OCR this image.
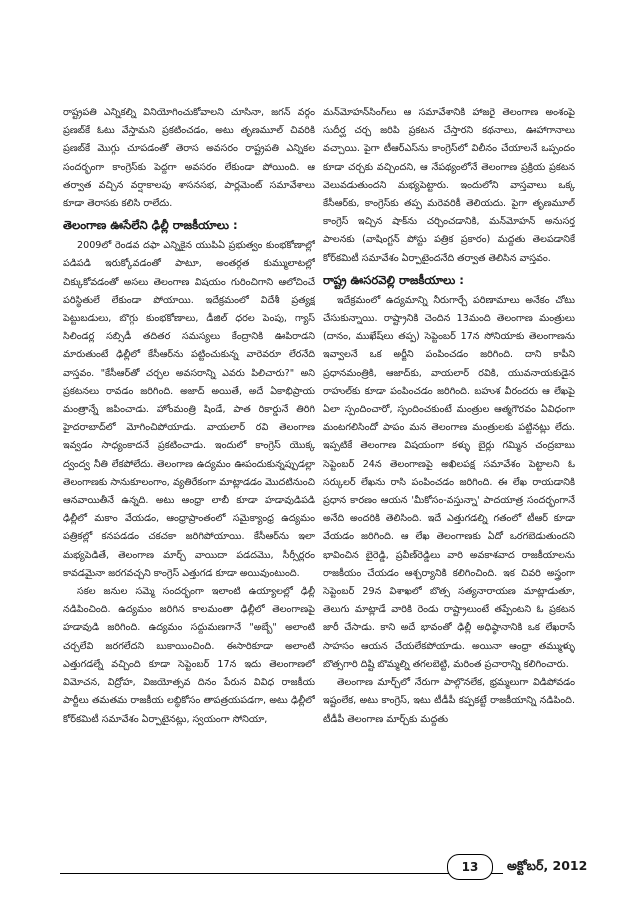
రాష్ట్రపతి ఎన్నికల్ని వినియోగించుకోవాలని చూసినా, జగన్ వర్గం ప్రణబ్‌కే ఓటు వేస్తామని ప్రకటించడం, అటు తృణమూల్ చివరికి ప్రణబ్‌కే మొగ్గు చూపడంతో తెరాస అవసరం రాష్ట్రపతి ఎన్నికల సందర్భంగా కాంగ్రెస్‌కు పెద్దగా అవసరం లేకుండా పోయింది. ఆ తర్వాత వచ్చిన వర్షాకాలపు శాసనసభ, పార్లమెంట్ సమావేశాలు కూడా తెరాసకు కలిసి రాలేదు.

తెలంగాణ ఊసేలేని ఢిల్లీ రాజకీయాలు :

2009లో రెండవ దఫా ఎన్నికైన యుపిఏ ప్రభుత్వం కుంభకోణాల్లో పడిపడి ఇరుక్కోవడంతో పాటూ, అంతర్గత కుమ్ములాటల్లో చిక్కుకోవడంతో అసలు తెలంగాణ విషయం గురించిగాని ఆలోచించే పరిస్థితులే లేకుండా పోయాయి. ఇదేక్రమంలో విదేశీ ప్రత్యక్ష పెట్టుబడులు, బొగ్గు కుంభకోణాలు, డీజిల్ ధరల పెంపు, గ్యాస్ సిలిండర్ల సబ్సిడీ తదితర సమస్యలు కేంద్రానికి ఊపిరాడని మారుతుంటే ఢిల్లీలో కేసీఆర్‌ను పట్టించుకున్న వారెవరూ లేరనేది వాస్తవం. "కేసీఆర్‌తో చర్చల అవసరాన్ని ఎవరు పిలిచారు?" అని ప్రకటనలు రావడం జరిగింది. అజాద్ అయితే, అదే ఏకాభిప్రాయ మంత్రాన్నే జపించాడు. హోంమంత్రి షిండే, పాత రికార్డునే తిరిగి హైదరాబాద్‌లో మోగించిపోయాడు. వాయలార్ రవి తెలంగాణ ఇవ్వడం సాధ్యంకాదనే ప్రకటించాడు. ఇందులో కాంగ్రెస్ యొక్క ద్వంద్వ నీతి లేకపోలేదు. తెలంగాణ ఉద్యమం ఊపందుకున్నప్పుడల్లా తెలంగాణకు సానుకూలంగాం, వ్యతిరేకంగా మాట్లాడడం మొదటినుంచి ఆనవాయితీనే ఉన్నది. అటు ఆంధ్రా లాబీ కూడా హడావుడిపడి ఢిల్లీలో మకాం వేయడం, ఆంధ్రాప్రాంతంలో సమైక్యాంధ్ర ఉద్యమం పత్రికల్లో కనపడడం చకచకా జరిగిపోయాయి. కేసీఆర్‌ను ఇలా మభ్యపెడితే, తెలంగాణ మార్చ్ వాయిదా పడదమొ, సీర్సీర్లరం కావడమైనా జరగవచ్చని కాంగ్రెస్ ఎత్తుగడ కూడా అయివుంటుంది.

సకల జనుల సమ్మె సందర్భంగా ఇలాంటి ఉయ్యాలల్లో ఢిల్లీ నడిపించింది. ఉద్యమం జరిగిన కాలమంతా ఢిల్లీలో తెలంగాణపై హడావుడి జరిగింది. ఉద్యమం సద్దుమణగానే "అబ్బే" అలాంటి చర్చలేవి జరగలేదని బుకాయించింది. ఈసారికూడా అలాంటి ఎత్తుగడల్నే వచ్చింది కూడా సెప్టెంబర్ 17న ఇదు తెలంగాణలో విమోచన, విద్రోహ, విజయోత్సవ దినం పేరున వివిధ రాజకీయ పార్టీలు తమతమ రాజకీయ లబ్ధికోసం తాపత్రయపడగా, అటు ఢిల్లీలో కోర్‌కమిటీ సమావేశం ఏర్పాటైనట్లు, స్వయంగా సోనియా,

మన్‌మోహన్‌సింగ్‌లు ఆ సమావేశానికి హాజరై తెలంగాణ అంశంపై సుదీర్ఘ చర్చ జరిపి ప్రకటన చేస్తారని కథనాలు, ఊహాగానాలు వచ్చాయి. పైగా టీఆర్ఎస్‌ను కాంగ్రెస్‌లో విలీనం చేయాలనే ఒప్పందం కూడా చర్చకు వచ్చిందని, ఆ నేపథ్యంలోనే తెలంగాణ ప్రక్రియ ప్రకటన వెలువడుతుందని మభ్యపెట్టారు. ఇందులోని వాస్తవాలు ఒక్క కేసీఆర్‌కు, కాంగ్రెస్‌కు తప్ప మరెవరికీ తెలియదు. పైగా తృణమూల్ కాంగ్రెస్ ఇచ్చిన షాక్‌ను చర్చించడానికి, మన్‌మోహన్ అనుసర్త పాలనకు (వాషింగ్టన్ పోస్టు పత్రిక ప్రకారం) మద్దతు తెలపడానికే కోర్‌కమిటీ సమావేశం ఏర్పాటైందనేది తర్వాత తెలిసిన వాస్తవం.

రాష్ట్ర ఊసరవెల్లి రాజకీయాలు :

ఇదేక్రమంలో ఉద్యమాన్ని నీరుగార్చే పరిణామాలు అనేకం చోటు చేసుకున్నాయి. రాష్ట్రానికి చెందిన 13మంది తెలంగాణ మంత్రులు (దానం, ముఖేష్‌లు తప్ప) సెప్టెంబర్ 17న సోనియాకు తెలంగాణను ఇవ్వాలనే ఒక అర్జీని పంపించడం జరిగింది. దాని కాపీని ప్రధానమంత్రికి, ఆజాద్‌కు, వాయలార్ రవికి, యువనాయకుడైన రాహుల్‌కు కూడా పంపించడం జరిగింది. బహుశ వీరందరు ఆ లేఖపై ఏలా స్పందించారో, స్పందించకుంటే మంత్రుల ఆత్మగౌరవం ఏవిధంగా మంటగలిసిందో పాపం మన తెలంగాణ మంత్రులకు పట్టినట్లు లేదు. ఇప్పటికే తెలంగాణ విషయంగా కళ్ళు బైర్లు గమ్మిన చంద్రబాబు సెప్టెంబర్ 24న తెలంగాణపై అఖిలపక్ష సమావేశం పెట్టాలని ఓ సర్కులర్ లేఖను రాసి పంపించడం జరిగింది. ఈ లేఖ రాయడానికి ప్రధాన కారణం ఆయన 'మీకోసం-వస్తున్నా' పాదయాత్ర సందర్భంగానే అనేది అందరికి తెలిసింది. ఇదే ఎత్తుగడల్ని గతంలో టీఆర్ కూడా వేయడం జరిగింది. ఆ లేఖ తెలంగాణకు ఏదో ఒరగబెడుతుందని భావించిన బైరెడ్డి, ప్రవీణ్‌రెడ్డిలు వారి అవకాశవాద రాజకీయాలను రాజకీయం చేయడం ఆశ్చర్యానికి కలిగించింది. ఇక చివరి అస్త్రంగా సెప్టెంబర్ 29న విశాఖలో బొత్స సత్యనారాయణ మాట్లాడుతూ, తెలుగు మాట్లాడే వారికి రెండు రాష్ట్రాలుంటే తప్పేంటని ఓ ప్రకటన జారీ చేసాడు. కాని అదే భావంతో ఢిల్లీ అధిష్ఠానానికి ఒక లేఖరాసే సాహసం ఆయన చేయలేకపోయాడు. అయినా ఆంధ్రా తమ్ముళ్ళు బొత్సగారి దిష్టి బొమ్మల్ని తగలబెట్టి, మరింత ప్రచారాన్ని కలిగించారు.

తెలంగాణ మార్చ్‌లో నేరుగా పాల్గొనలేక, భ్రమ్మలుగా విడిపోవడం ఇష్టంలేక, అటు కాంగ్రెస్, ఇటు టీడీపీ కప్పకట్టే రాజకీయాన్ని నడిపింది. టీడీపీ తెలంగాణ మార్చ్‌కు మద్దతు

13	అక్టోబర్, 2012
